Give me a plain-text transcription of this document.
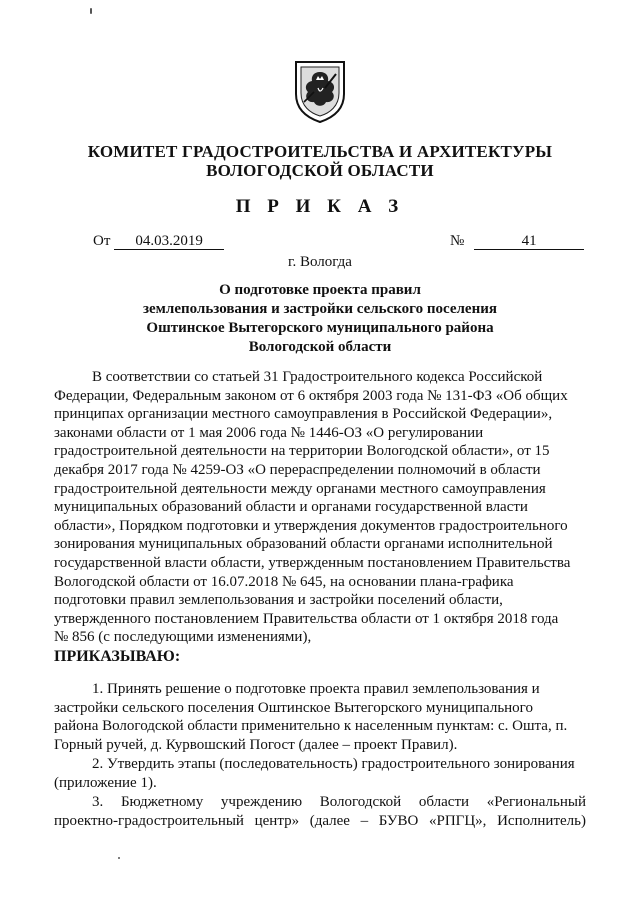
КОМИТЕТ ГРАДОСТРОИТЕЛЬСТВА И АРХИТЕКТУРЫ
ВОЛОГОДСКОЙ ОБЛАСТИ
П Р И К А З
От 04.03.2019	№	41
г. Вологда
О подготовке проекта правил
землепользования и застройки сельского поселения
Оштинское Вытегорского муниципального района
Вологодской области
В соответствии со статьей 31 Градостроительного кодекса Российской
Федерации, Федеральным законом от 6 октября 2003 года № 131-ФЗ «Об общих
принципах организации местного самоуправления в Российской Федерации»,
законами области от 1 мая 2006 года № 1446-ОЗ «О регулировании
градостроительной деятельности на территории Вологодской области», от 15
декабря 2017 года № 4259-ОЗ «О перераспределении полномочий в области
градостроительной деятельности между органами местного самоуправления
муниципальных образований области и органами государственной власти
области», Порядком подготовки и утверждения документов градостроительного
зонирования муниципальных образований области органами исполнительной
государственной власти области, утвержденным постановлением Правительства
Вологодской области от 16.07.2018 № 645, на основании плана-графика
подготовки правил землепользования и застройки поселений области,
утвержденного постановлением Правительства области от 1 октября 2018 года
№ 856 (с последующими изменениями),
ПРИКАЗЫВАЮ:
1. Принять решение о подготовке проекта правил землепользования и
застройки сельского поселения Оштинское Вытегорского муниципального
района Вологодской области применительно к населенным пунктам: с. Ошта, п.
Горный ручей, д. Курвошский Погост (далее – проект Правил).
2. Утвердить этапы (последовательность) градостроительного зонирования
(приложение 1).
3. Бюджетному учреждению Вологодской области «Региональный
проектно-градостроительный центр» (далее – БУВО «РПГЦ», Исполнитель)
